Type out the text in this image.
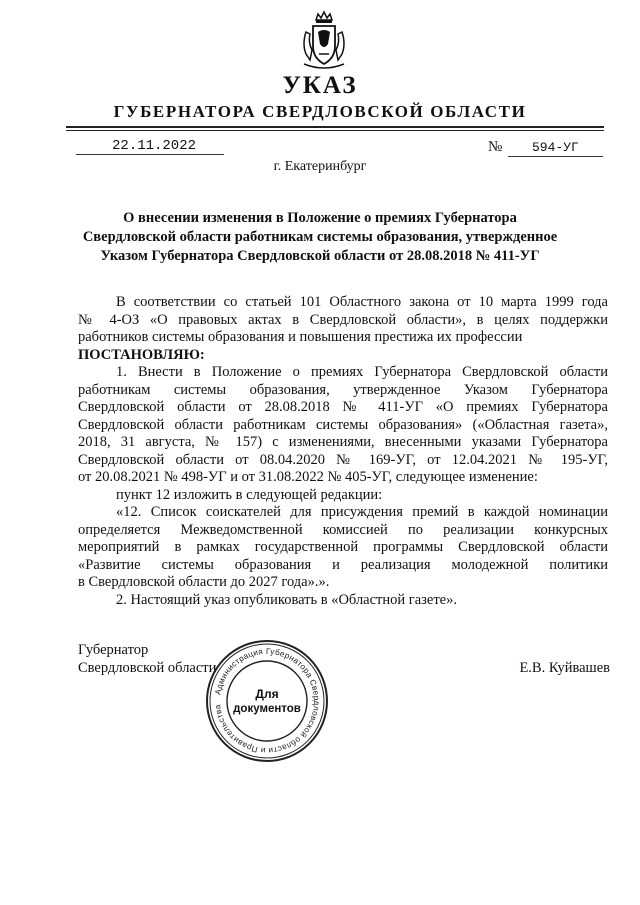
УКАЗ
ГУБЕРНАТОРА СВЕРДЛОВСКОЙ ОБЛАСТИ
22.11.2022	№ 594-УГ
г. Екатеринбург
О внесении изменения в Положение о премиях Губернатора
Свердловской области работникам системы образования, утвержденное
Указом Губернатора Свердловской области от 28.08.2018 № 411-УГ
В соответствии со статьей 101 Областного закона от 10 марта 1999 года
№ 4-ОЗ «О правовых актах в Свердловской области», в целях поддержки
работников системы образования и повышения престижа их профессии
ПОСТАНОВЛЯЮ:
1. Внести в Положение о премиях Губернатора Свердловской области
работникам системы образования, утвержденное Указом Губернатора
Свердловской области от 28.08.2018 № 411-УГ «О премиях Губернатора
Свердловской области работникам системы образования» («Областная газета»,
2018, 31 августа, № 157) с изменениями, внесенными указами Губернатора
Свердловской области от 08.04.2020 № 169-УГ, от 12.04.2021 № 195-УГ,
от 20.08.2021 № 498-УГ и от 31.08.2022 № 405-УГ, следующее изменение:
пункт 12 изложить в следующей редакции:
«12. Список соискателей для присуждения премий в каждой номинации
определяется Межведомственной комиссией по реализации конкурсных
мероприятий в рамках государственной программы Свердловской области
«Развитие системы образования и реализация молодежной политики
в Свердловской области до 2027 года».».
2. Настоящий указ опубликовать в «Областной газете».
Губернатор
Свердловской области	Е.В. Куйвашев
Администрация Губернатора Свердловской области и Правительства
Для
документов
